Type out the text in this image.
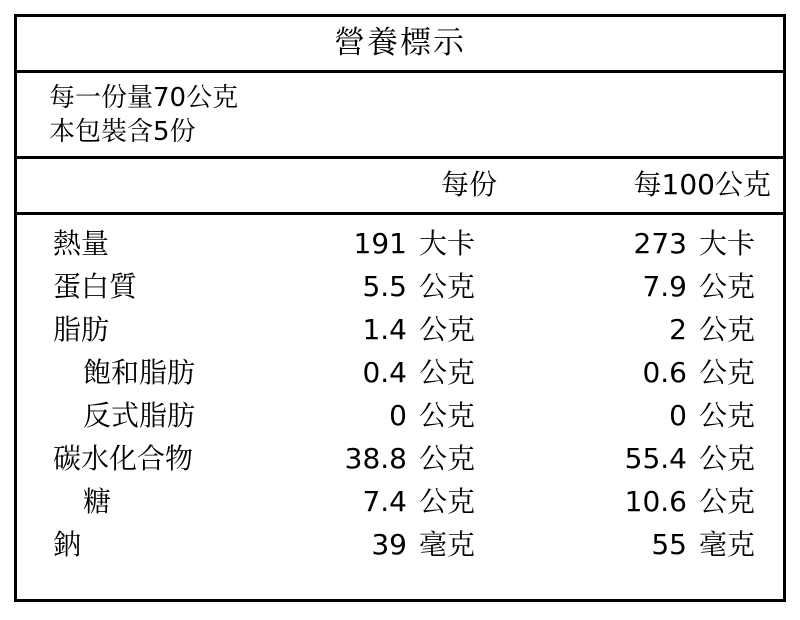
營養標示
每一份量70公克
本包裝含5份
每份	每100公克
熱量	191 大卡	273 大卡
蛋白質	5.5 公克	7.9 公克
脂肪	1.4 公克	2 公克
飽和脂肪	0.4 公克	0.6 公克
反式脂肪	0 公克	0 公克
碳水化合物	38.8 公克	55.4 公克
糖	7.4 公克	10.6 公克
鈉	39 毫克	55 毫克
